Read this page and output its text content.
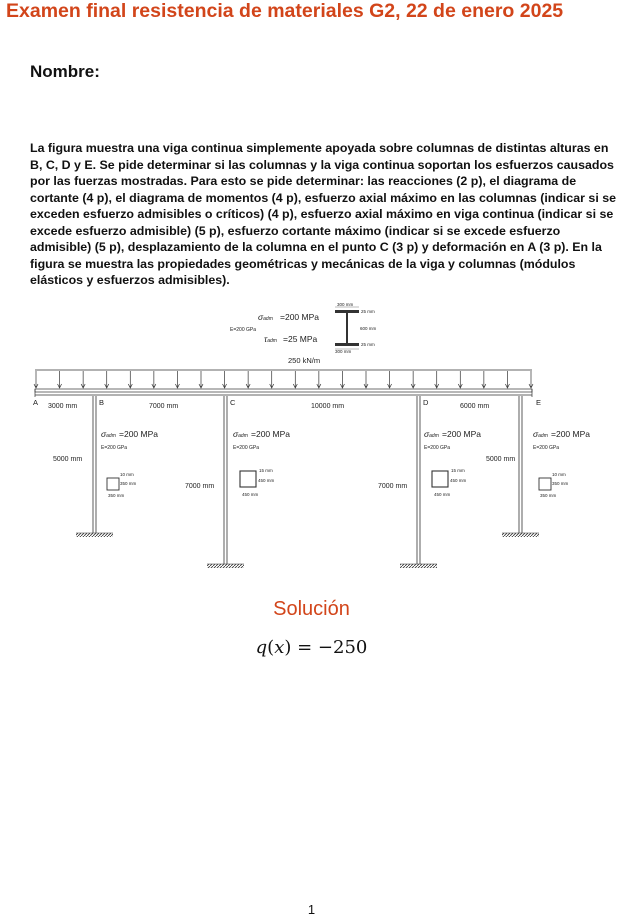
Examen final resistencia de materiales G2, 22 de enero 2025
Nombre:
La figura muestra una viga continua simplemente apoyada sobre columnas de distintas alturas en B, C, D y E. Se pide determinar si las columnas y la viga continua soportan los esfuerzos causados por las fuerzas mostradas. Para esto se pide determinar: las reacciones (2 p), el diagrama de cortante (4 p), el diagrama de momentos (4 p), esfuerzo axial máximo en las columnas (indicar si se exceden esfuerzo admisibles o críticos) (4 p), esfuerzo axial máximo en viga continua (indicar si se excede esfuerzo admisible) (5 p), esfuerzo cortante máximo (indicar si se excede esfuerzo admisible) (5 p), desplazamiento de la columna en el punto C (3 p) y deformación en A (3 p). En la figura se muestra las propiedades geométricas y mecánicas de la viga y columnas (módulos elásticos y esfuerzos admisibles).
σadm =200 MPa
E=200 GPa
τadm =25 MPa
250 kN/m
300 mm
25 mm
600 mm
25 mm
300 mm
A	B	C	D	E
3000 mm	7000 mm	10000 mm	6000 mm
σadm =200 MPa
E=200 GPa
5000 mm
10 mm
350 mm
350 mm
σadm =200 MPa
E=200 GPa
7000 mm
15 mm
450 mm
450 mm
σadm =200 MPa
E=200 GPa
7000 mm
15 mm
450 mm
450 mm
σadm =200 MPa
E=200 GPa
5000 mm
10 mm
350 mm
350 mm
Solución
q(x) = −250
1
